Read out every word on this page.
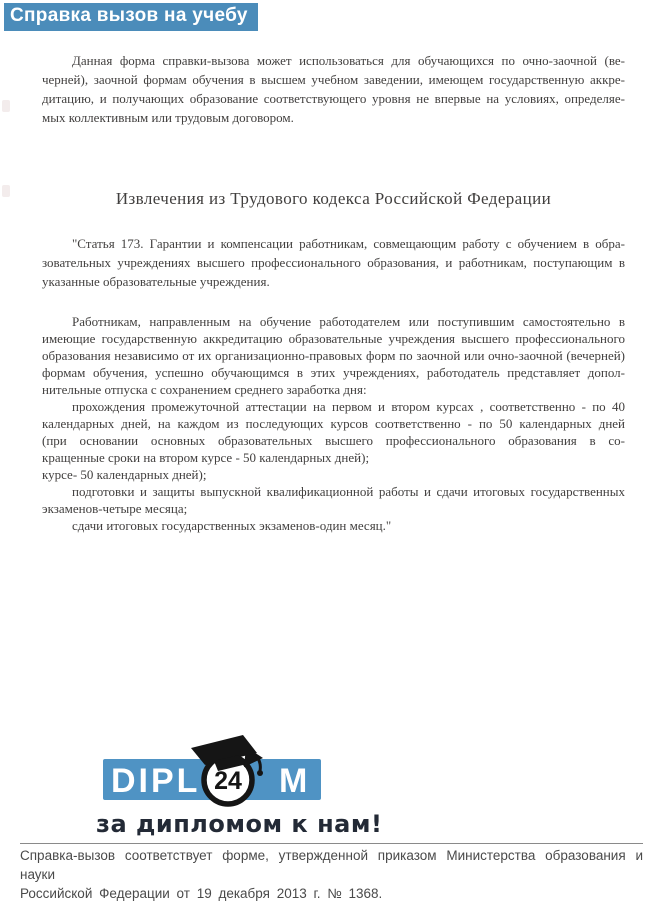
Справка вызов на учебу
Данная форма справки-вызова может использоваться для обучающихся по очно-заочной (ве-
черней), заочной формам обучения в высшем учебном заведении, имеющем государственную аккре-
дитацию, и получающих образование соответствующего уровня не впервые на условиях, определяе-
мых коллективным или трудовым договором.
Извлечения из Трудового кодекса Российской Федерации
"Статья 173. Гарантии и компенсации работникам, совмещающим работу с обучением в обра-
зовательных учреждениях высшего профессионального образования, и работникам, поступающим в
указанные образовательные учреждения.
Работникам, направленным на обучение работодателем или поступившим самостоятельно в
имеющие государственную аккредитацию образовательные учреждения высшего профессионального
образования независимо от их организационно-правовых форм по заочной или очно-заочной (вечерней)
формам обучения, успешно обучающимся в этих учреждениях, работодатель представляет допол-
нительные отпуска с сохранением среднего заработка дня:
прохождения промежуточной аттестации на первом и втором курсах , соответственно - по 40
календарных дней, на каждом из последующих курсов соответственно - по 50 календарных дней
(при основании основных образовательных высшего профессионального образования в со-
кращенные сроки на втором курсе - 50 календарных дней);
курсе- 50 календарных дней);
подготовки и защиты выпускной квалификационной работы и сдачи итоговых государственных
экзаменов-четыре месяца;
сдачи итоговых государственных экзаменов-один месяц."
DIPL M
24
за дипломом к нам!
Справка-вызов соответствует форме, утвержденной приказом Министерства образования и науки
Российской Федерации от 19 декабря 2013 г. № 1368.
